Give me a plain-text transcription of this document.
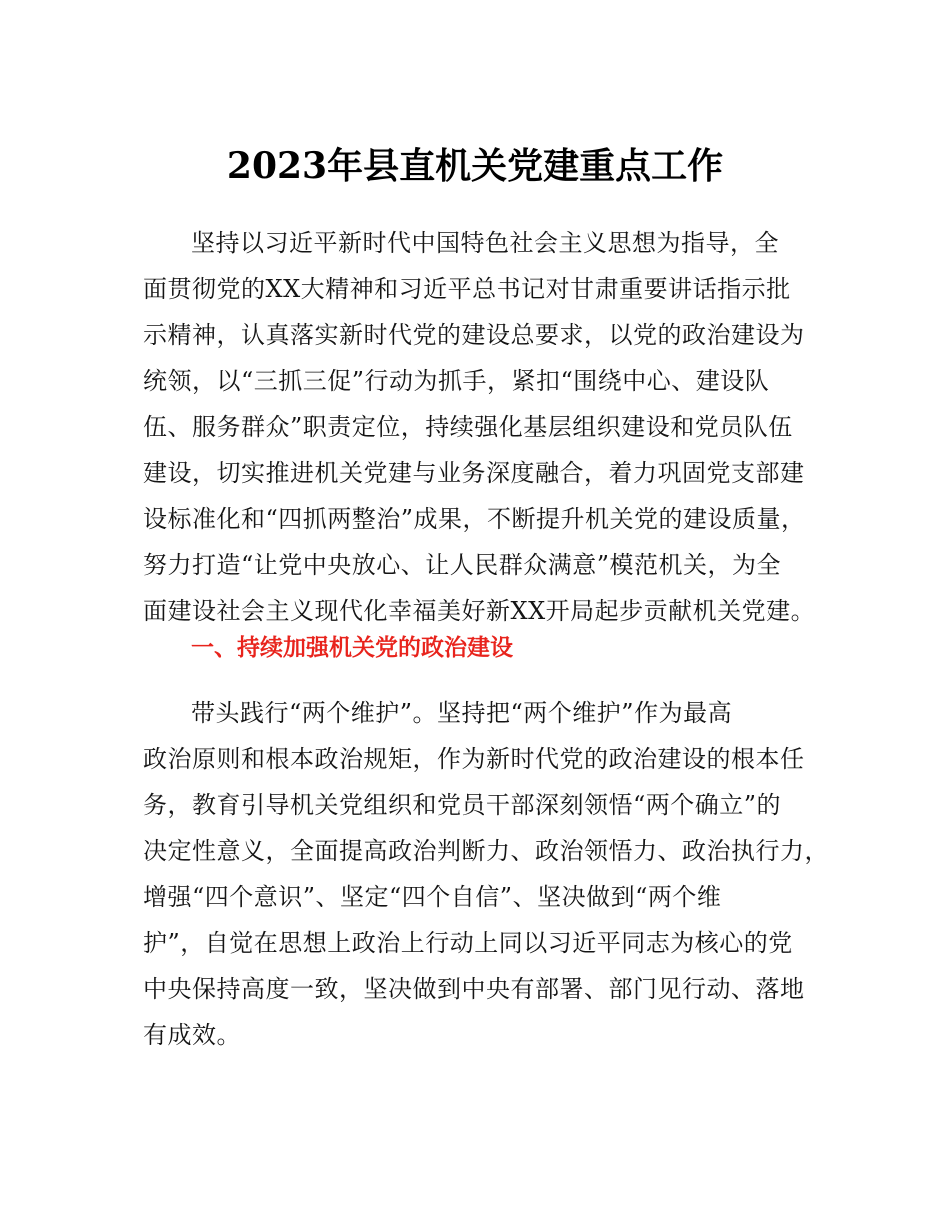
2023年县直机关党建重点工作
坚持以习近平新时代中国特色社会主义思想为指导，全
面贯彻党的XX大精神和习近平总书记对甘肃重要讲话指示批
示精神，认真落实新时代党的建设总要求，以党的政治建设为
统领，以“三抓三促”行动为抓手，紧扣“围绕中心、建设队
伍、服务群众”职责定位，持续强化基层组织建设和党员队伍
建设，切实推进机关党建与业务深度融合，着力巩固党支部建
设标准化和“四抓两整治”成果，不断提升机关党的建设质量，
努力打造“让党中央放心、让人民群众满意”模范机关，为全
面建设社会主义现代化幸福美好新XX开局起步贡献机关党建。
一、持续加强机关党的政治建设
带头践行“两个维护”。坚持把“两个维护”作为最高
政治原则和根本政治规矩，作为新时代党的政治建设的根本任
务，教育引导机关党组织和党员干部深刻领悟“两个确立”的
决定性意义，全面提高政治判断力、政治领悟力、政治执行力，
增强“四个意识”、坚定“四个自信”、坚决做到“两个维
护”，自觉在思想上政治上行动上同以习近平同志为核心的党
中央保持高度一致，坚决做到中央有部署、部门见行动、落地
有成效。
